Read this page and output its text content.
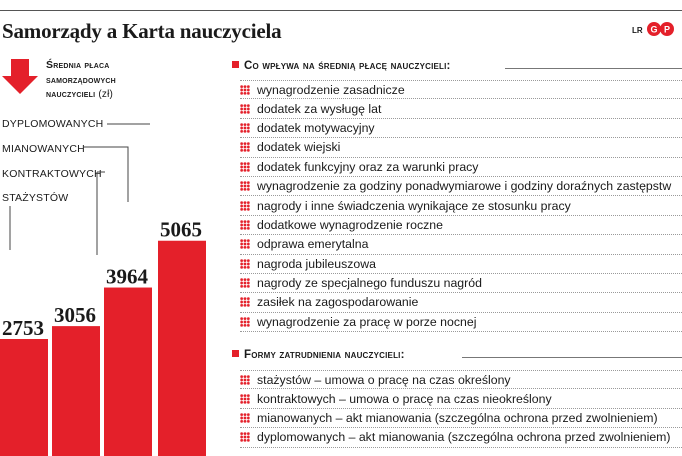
Samorządy a Karta nauczyciela	LR G P
Średnia płaca
samorządowych
nauczycieli (zł)
2753
STAŻYSTÓW
3056
KONTRAKTOWYCH
3964
MIANOWANYCH
5065
DYPLOMOWANYCH
Co wpływa na średnią płacę nauczycieli:
wynagrodzenie zasadnicze
dodatek za wysługę lat
dodatek motywacyjny
dodatek wiejski
dodatek funkcyjny oraz za warunki pracy
wynagrodzenie za godziny ponadwymiarowe i godziny doraźnych zastępstw
nagrody i inne świadczenia wynikające ze stosunku pracy
dodatkowe wynagrodzenie roczne
odprawa emerytalna
nagroda jubileuszowa
nagrody ze specjalnego funduszu nagród
zasiłek na zagospodarowanie
wynagrodzenie za pracę w porze nocnej
Formy zatrudnienia nauczycieli:
stażystów – umowa o pracę na czas określony
kontraktowych – umowa o pracę na czas nieokreślony
mianowanych – akt mianowania (szczególna ochrona przed zwolnieniem)
dyplomowanych – akt mianowania (szczególna ochrona przed zwolnieniem)
